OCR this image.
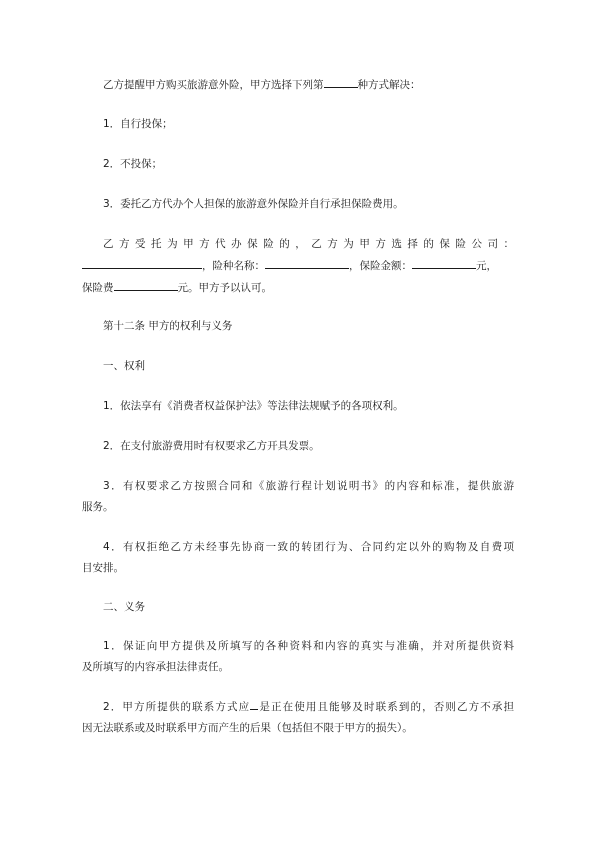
乙方提醒甲方购买旅游意外险，甲方选择下列第	种方式解决：

1．自行投保；

2．不投保；

3．委托乙方代办个人担保的旅游意外保险并自行承担保险费用。

乙方受托为甲方代办保险的，乙方为甲方选择的保险公司：
，险种名称：	，保险金额：	元，
保险费	元。甲方予以认可。

第十二条 甲方的权利与义务

一、权利

1．依法享有《消费者权益保护法》等法律法规赋予的各项权利。

2．在支付旅游费用时有权要求乙方开具发票。

3．有权要求乙方按照合同和《旅游行程计划说明书》的内容和标准，提供旅游
服务。
4．有权拒绝乙方未经事先协商一致的转团行为、合同约定以外的购物及自费项
目安排。

二、义务

1．保证向甲方提供及所填写的各种资料和内容的真实与准确，并对所提供资料
及所填写的内容承担法律责任。
2．甲方所提供的联系方式应 是正在使用且能够及时联系到的，否则乙方不承担
因无法联系或及时联系甲方而产生的后果（包括但不限于甲方的损失）。
